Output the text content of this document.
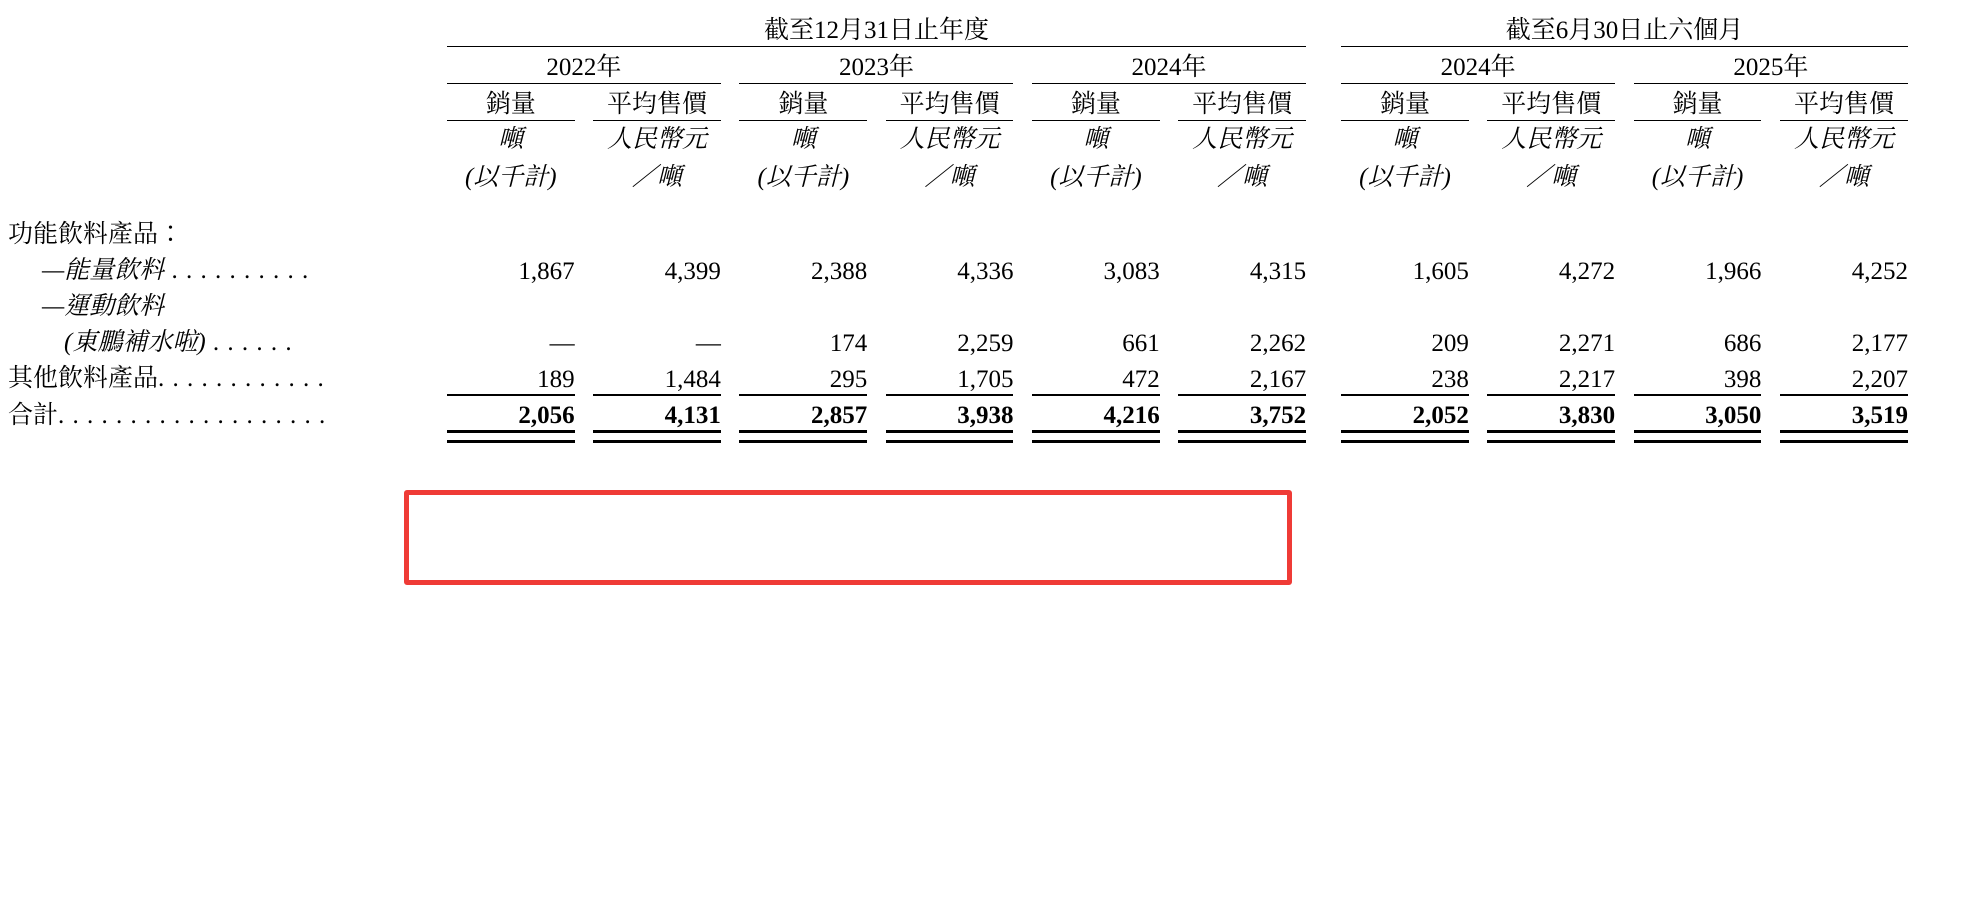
		截至12月31日止年度												截至6月30日止六個月						

		2022年				2023年				2024年				2024年				2025年		

		銷量		平均售價		銷量		平均售價		銷量		平均售價		銷量		平均售價		銷量		平均售價

		噸		人民幣元		噸		人民幣元		噸		人民幣元		噸		人民幣元		噸		人民幣元
		(以千計)		／噸		(以千計)		／噸		(以千計)		／噸		(以千計)		／噸		(以千計)		／噸
功能飲料產品：																				
—能量飲料 . . . . . . . . . .		1,867		4,399		2,388		4,336		3,083		4,315		1,605		4,272		1,966		4,252
—運動飲料																				
(東鵬補水啦) . . . . . .		—		—		174		2,259		661		2,262		209		2,271		686		2,177
其他飲料產品. . . . . . . . . . . .		189		1,484		295		1,705		472		2,167		238		2,217		398		2,207

合計. . . . . . . . . . . . . . . . . . .		2,056		4,131		2,857		3,938		4,216		3,752		2,052		3,830		3,050		3,519
